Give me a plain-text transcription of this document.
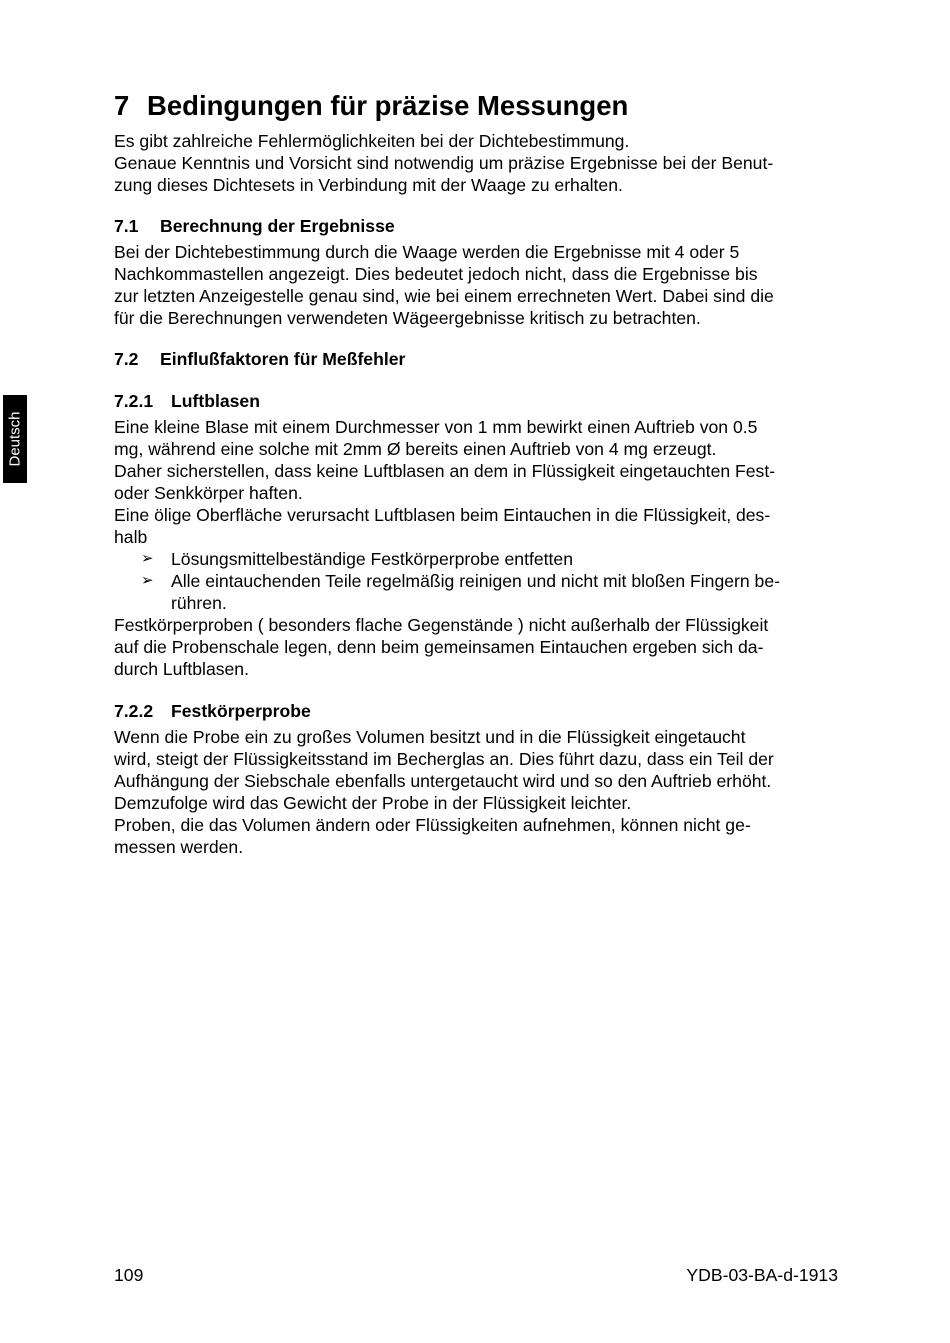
Deutsch
7 Bedingungen für präzise Messungen

Es gibt zahlreiche Fehlermöglichkeiten bei der Dichtebestimmung.
Genaue Kenntnis und Vorsicht sind notwendig um präzise Ergebnisse bei der Benut-
zung dieses Dichtesets in Verbindung mit der Waage zu erhalten.

7.1 Berechnung der Ergebnisse

Bei der Dichtebestimmung durch die Waage werden die Ergebnisse mit 4 oder 5
Nachkommastellen angezeigt. Dies bedeutet jedoch nicht, dass die Ergebnisse bis
zur letzten Anzeigestelle genau sind, wie bei einem errechneten Wert. Dabei sind die
für die Berechnungen verwendeten Wägeergebnisse kritisch zu betrachten.

7.2 Einflußfaktoren für Meßfehler
7.2.1 Luftblasen

Eine kleine Blase mit einem Durchmesser von 1 mm bewirkt einen Auftrieb von 0.5
mg, während eine solche mit 2mm Ø bereits einen Auftrieb von 4 mg erzeugt.
Daher sicherstellen, dass keine Luftblasen an dem in Flüssigkeit eingetauchten Fest-
oder Senkkörper haften.
Eine ölige Oberfläche verursacht Luftblasen beim Eintauchen in die Flüssigkeit, des-
halb

➢ Lösungsmittelbeständige Festkörperprobe entfetten
➢ Alle eintauchenden Teile regelmäßig reinigen und nicht mit bloßen Fingern be-
rühren.

Festkörperproben ( besonders flache Gegenstände ) nicht außerhalb der Flüssigkeit
auf die Probenschale legen, denn beim gemeinsamen Eintauchen ergeben sich da-
durch Luftblasen.

7.2.2 Festkörperprobe

Wenn die Probe ein zu großes Volumen besitzt und in die Flüssigkeit eingetaucht
wird, steigt der Flüssigkeitsstand im Becherglas an. Dies führt dazu, dass ein Teil der
Aufhängung der Siebschale ebenfalls untergetaucht wird und so den Auftrieb erhöht.
Demzufolge wird das Gewicht der Probe in der Flüssigkeit leichter.
Proben, die das Volumen ändern oder Flüssigkeiten aufnehmen, können nicht ge-
messen werden.

109	YDB-03-BA-d-1913
